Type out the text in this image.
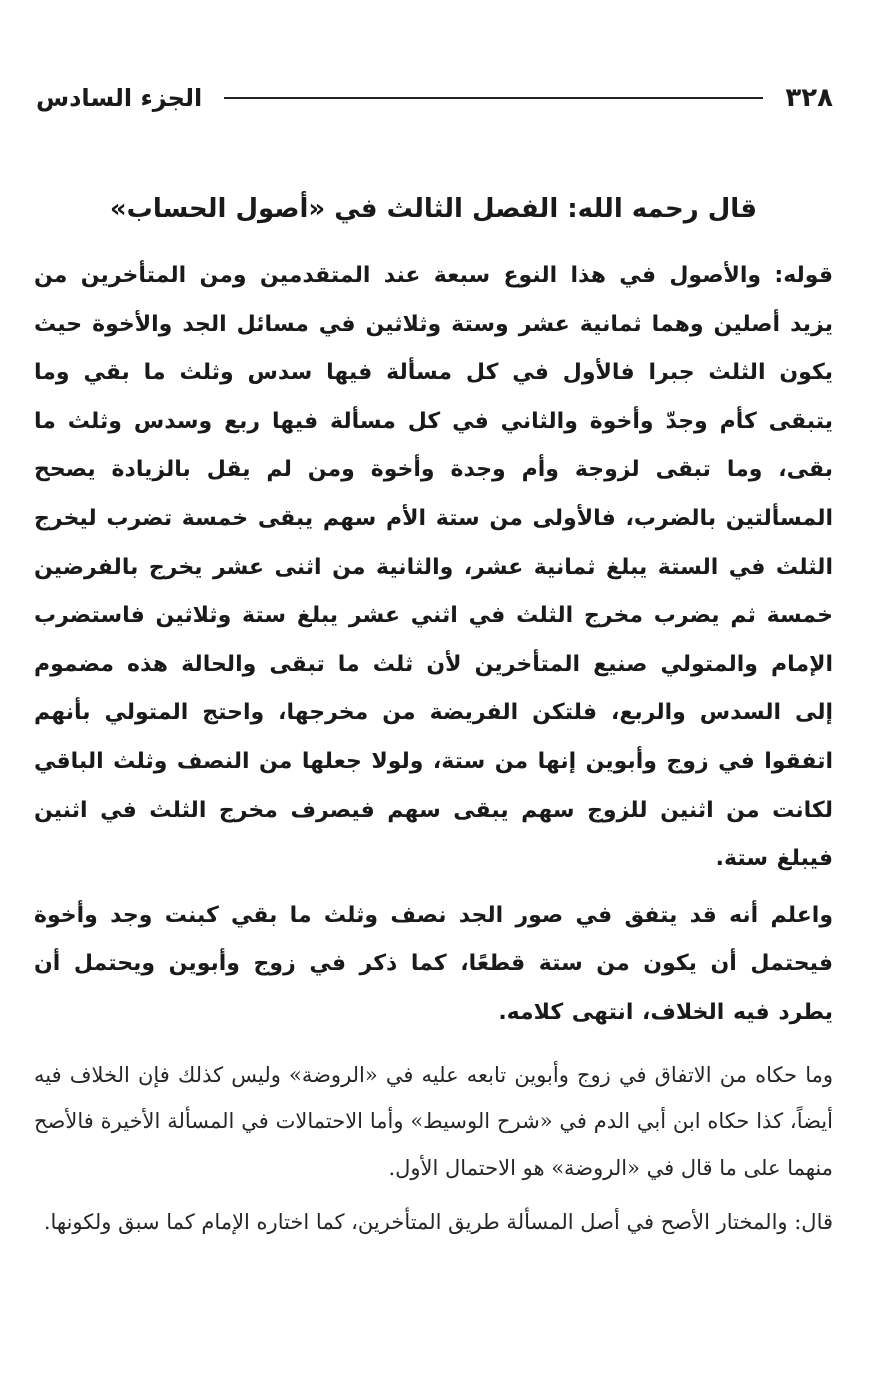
٣٢٨
الجزء السادس
قال رحمه الله: الفصل الثالث في «أصول الحساب»

قوله: والأصول في هذا النوع سبعة عند المتقدمين ومن المتأخرين من يزيد أصلين وهما ثمانية عشر وستة وثلاثين في مسائل الجد والأخوة حيث يكون الثلث جبرا فالأول في كل مسألة فيها سدس وثلث ما بقي وما يتبقى كأم وجدّ وأخوة والثاني في كل مسألة فيها ربع وسدس وثلث ما بقى، وما تبقى لزوجة وأم وجدة وأخوة ومن لم يقل بالزيادة يصحح المسألتين بالضرب، فالأولى من ستة الأم سهم يبقى خمسة تضرب ليخرج الثلث في الستة يبلغ ثمانية عشر، والثانية من اثنى عشر يخرج بالفرضين خمسة ثم يضرب مخرج الثلث في اثني عشر يبلغ ستة وثلاثين فاستضرب الإمام والمتولي صنيع المتأخرين لأن ثلث ما تبقى والحالة هذه مضموم إلى السدس والربع، فلتكن الفريضة من مخرجها، واحتج المتولي بأنهم اتفقوا في زوج وأبوين إنها من ستة، ولولا جعلها من النصف وثلث الباقي لكانت من اثنين للزوج سهم يبقى سهم فيصرف مخرج الثلث في اثنين فيبلغ ستة.

واعلم أنه قد يتفق في صور الجد نصف وثلث ما بقي كبنت وجد وأخوة فيحتمل أن يكون من ستة قطعًا، كما ذكر في زوج وأبوين ويحتمل أن يطرد فيه الخلاف، انتهى كلامه.

وما حكاه من الاتفاق في زوج وأبوين تابعه عليه في «الروضة» وليس كذلك فإن الخلاف فيه أيضاً، كذا حكاه ابن أبي الدم في «شرح الوسيط» وأما الاحتمالات في المسألة الأخيرة فالأصح منهما على ما قال في «الروضة» هو الاحتمال الأول.

قال: والمختار الأصح في أصل المسألة طريق المتأخرين، كما اختاره الإمام كما سبق ولكونها.
